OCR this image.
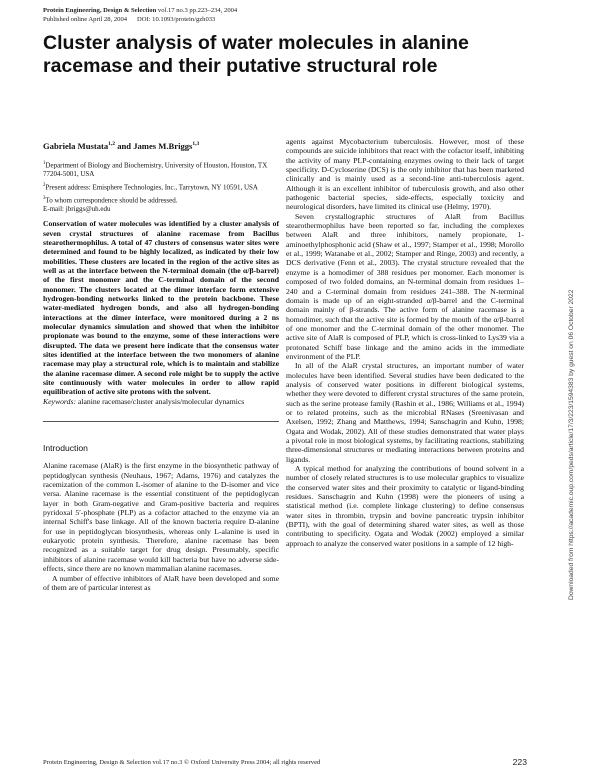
Protein Engineering, Design & Selection vol.17 no.3 pp.223–234, 2004
Published online April 28, 2004 DOI: 10.1093/protein/gzh033
Cluster analysis of water molecules in alanine racemase and their putative structural role
Gabriela Mustata$^{1,2}$ and James M.Briggs$^{1,3}$

$^1$Department of Biology and Biochemistry, University of Houston, Houston, TX 77204-5001, USA

$^2$Present address: Emisphere Technologies, Inc., Tarrytown, NY 10591, USA

$^3$To whom correspondence should be addressed.

E-mail: jbriggs@uh.edu

Conservation of water molecules was identified by a cluster analysis of seven crystal structures of alanine racemase from Bacillus stearothermophilus. A total of 47 clusters of consensus water sites were determined and found to be highly localized, as indicated by their low mobilities. These clusters are located in the region of the active sites as well as at the interface between the N-terminal domain (the α/β-barrel) of the first monomer and the C-terminal domain of the second monomer. The clusters located at the dimer interface form extensive hydrogen-bonding networks linked to the protein backbone. These water-mediated hydrogen bonds, and also all hydrogen-bonding interactions at the dimer interface, were monitored during a 2 ns molecular dynamics simulation and showed that when the inhibitor propionate was bound to the enzyme, some of these interactions were disrupted. The data we present here indicate that the consensus water sites identified at the interface between the two monomers of alanine racemase may play a structural role, which is to maintain and stabilize the alanine racemase dimer. A second role might be to supply the active site continuously with water molecules in order to allow rapid equilibration of active site protons with the solvent.

Keywords: alanine racemase/cluster analysis/molecular dynamics

Introduction

Alanine racemase (AlaR) is the first enzyme in the biosynthetic pathway of peptidoglycan synthesis (Neuhaus, 1967; Adams, 1976) and catalyzes the racemization of the common L-isomer of alanine to the D-isomer and vice versa. Alanine racemase is the essential constituent of the peptidoglycan layer in both Gram-negative and Gram-positive bacteria and requires pyridoxal 5′-phosphate (PLP) as a cofactor attached to the enzyme via an internal Schiff's base linkage. All of the known bacteria require D-alanine for use in peptidoglycan biosynthesis, whereas only L-alanine is used in eukaryotic protein synthesis. Therefore, alanine racemase has been recognized as a suitable target for drug design. Presumably, specific inhibitors of alanine racemase would kill bacteria but have no adverse side-effects, since there are no known mammalian alanine racemases.

A number of effective inhibitors of AlaR have been developed and some of them are of particular interest as

agents against Mycobacterium tuberculosis. However, most of these compounds are suicide inhibitors that react with the cofactor itself, inhibiting the activity of many PLP-containing enzymes owing to their lack of target specificity. D-Cycloserine (DCS) is the only inhibitor that has been marketed clinically and is mainly used as a second-line anti-tuberculosis agent. Although it is an excellent inhibitor of tuberculosis growth, and also other pathogenic bacterial species, side-effects, especially toxicity and neurological disorders, have limited its clinical use (Helmy, 1970).

Seven crystallographic structures of AlaR from Bacillus stearothermophilus have been reported so far, including the complexes between AlaR and three inhibitors, namely propionate, 1-aminoethylphosphonic acid (Shaw et al., 1997; Stamper et al., 1998; Morollo et al., 1999; Watanabe et al., 2002; Stamper and Ringe, 2003) and recently, a DCS derivative (Fenn et al., 2003). The crystal structure revealed that the enzyme is a homodimer of 388 residues per monomer. Each monomer is composed of two folded domains, an N-terminal domain from residues 1–240 and a C-terminal domain from residues 241–388. The N-terminal domain is made up of an eight-stranded α/β-barrel and the C-terminal domain mainly of β-strands. The active form of alanine racemase is a homodimer, such that the active site is formed by the mouth of the α/β-barrel of one monomer and the C-terminal domain of the other monomer. The active site of AlaR is composed of PLP, which is cross-linked to Lys39 via a protonated Schiff base linkage and the amino acids in the immediate environment of the PLP.

In all of the AlaR crystal structures, an important number of water molecules have been identified. Several studies have been dedicated to the analysis of conserved water positions in different biological systems, whether they were devoted to different crystal structures of the same protein, such as the serine protease family (Rashin et al., 1986; Williams et al., 1994) or to related proteins, such as the microbial RNases (Sreenivasan and Axelsen, 1992; Zhang and Matthews, 1994; Sanschagrin and Kuhn, 1998; Ogata and Wodak, 2002). All of these studies demonstrated that water plays a pivotal role in most biological systems, by facilitating reactions, stabilizing three-dimensional structures or mediating interactions between proteins and ligands.

A typical method for analyzing the contributions of bound solvent in a number of closely related structures is to use molecular graphics to visualize the conserved water sites and their proximity to catalytic or ligand-binding residues. Sanschagrin and Kuhn (1998) were the pioneers of using a statistical method (i.e. complete linkage clustering) to define consensus water sites in thrombin, trypsin and bovine pancreatic trypsin inhibitor (BPTI), with the goal of determining shared water sites, as well as those contributing to specificity. Ogata and Wodak (2002) employed a similar approach to analyze the conserved water positions in a sample of 12 high-	Downloaded from https://academic.oup.com/peds/article/17/3/223/1594383 by guest on 06 October 2022
Protein Engineering, Design & Selection vol.17 no.3 © Oxford University Press 2004; all rights reserved	223
